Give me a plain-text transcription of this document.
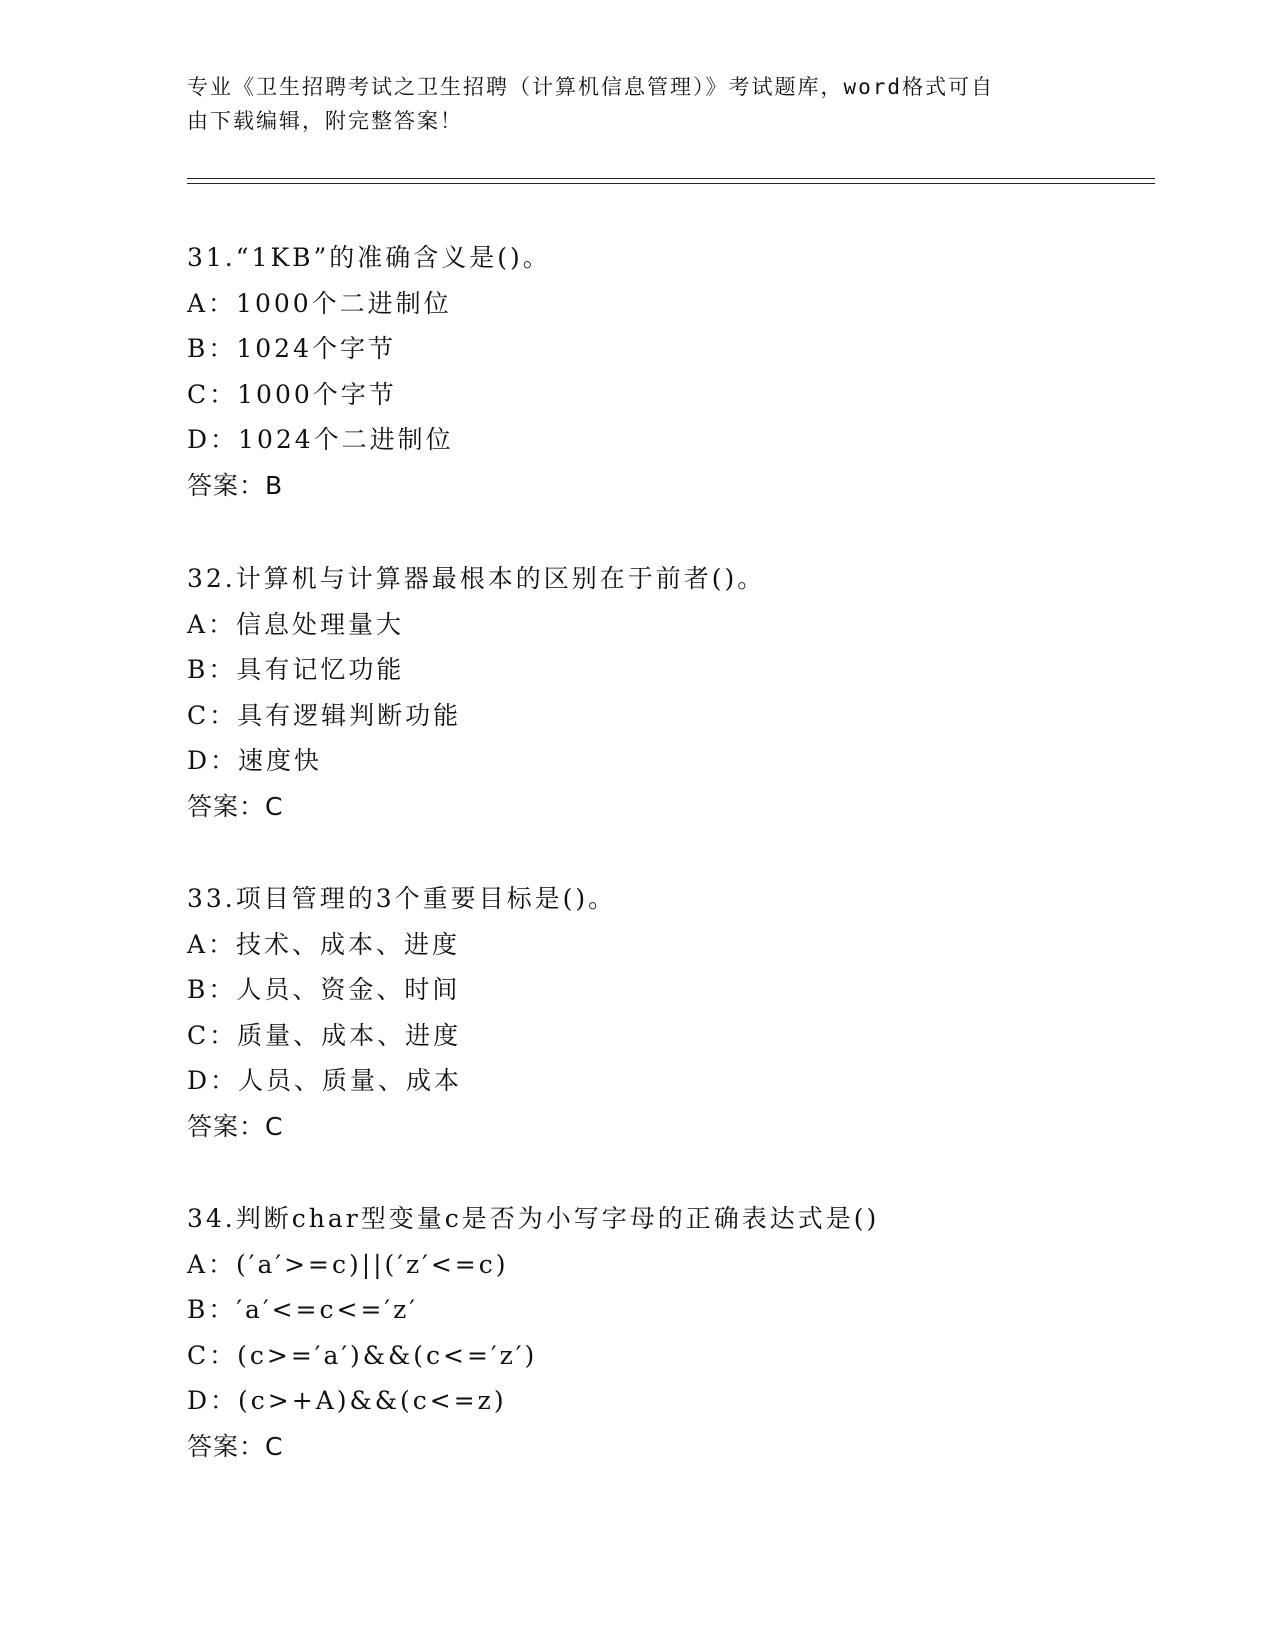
专业《卫生招聘考试之卫生招聘（计算机信息管理）》考试题库，word格式可自
由下载编辑，附完整答案！
31.“1KB”的准确含义是()。
A：1000个二进制位
B：1024个字节
C：1000个字节
D：1024个二进制位
答案：B
32.计算机与计算器最根本的区别在于前者()。
A：信息处理量大
B：具有记忆功能
C：具有逻辑判断功能
D：速度快
答案：C
33.项目管理的3个重要目标是()。
A：技术、成本、进度
B：人员、资金、时间
C：质量、成本、进度
D：人员、质量、成本
答案：C
34.判断char型变量c是否为小写字母的正确表达式是()
A：(′a′>=c)||(′z′<=c)
B：′a′<=c<=′z′
C：(c>=′a′)&&(c<=′z′)
D：(c>+A)&&(c<=z)
答案：C
